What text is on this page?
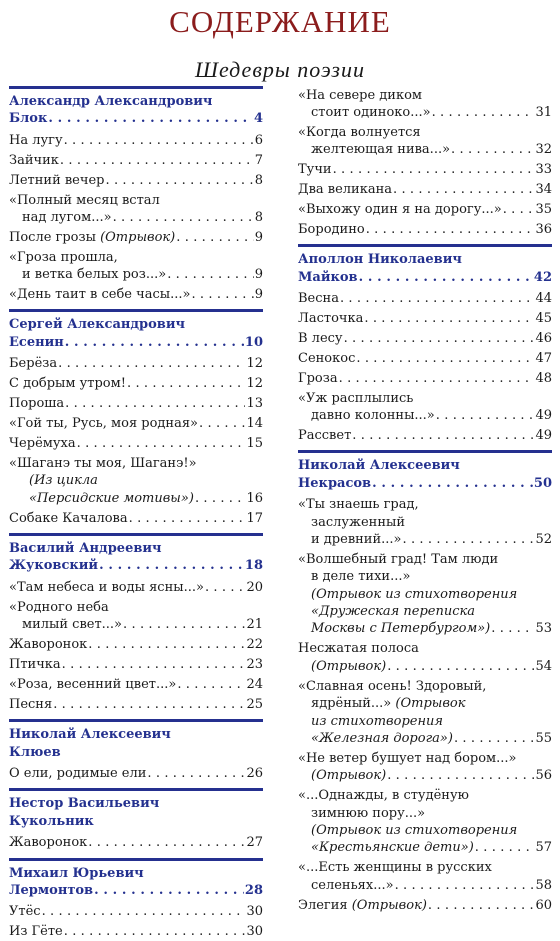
СОДЕРЖАНИЕ
Шедевры поэзии
Александр Александрович
Блок . . .	4
На лугу . . .	6
Зайчик . . .	7
Летний вечер . . .	8
«Полный месяц встал
над лугом...» . . .	8
После грозы (Отрывок) . . .	9
«Гроза прошла,
и ветка белых роз...» . . .	9
«День таит в себе часы...» . . .	9
Сергей Александрович
Есенин . . .	10
Берёза . . .	12
С добрым утром! . . .	12
Пороша . . .	13
«Гой ты, Русь, моя родная» . . .	14
Черёмуха . . .	15
«Шаганэ ты моя, Шаганэ!»
(Из цикла
«Персидские мотивы») . . .	16
Собаке Качалова . . .	17
Василий Андреевич
Жуковский . . .	18
«Там небеса и воды ясны...» . . .	20
«Родного неба
милый свет...» . . .	21
Жаворонок . . .	22
Птичка . . .	23
«Роза, весенний цвет...» . . .	24
Песня . . .	25
Николай Алексеевич
Клюев
О ели, родимые ели . . .	26
Нестор Васильевич
Кукольник
Жаворонок . . .	27
Михаил Юрьевич
Лермонтов . . .	28
Утёс . . .	30
Из Гёте . . .	30
«На севере диком
стоит одиноко...» . . .	31
«Когда волнуется
желтеющая нива...» . . .	32
Тучи . . .	33
Два великана . . .	34
«Выхожу один я на дорогу...» . . .	35
Бородино . . .	36
Аполлон Николаевич
Майков . . .	42
Весна . . .	44
Ласточка . . .	45
В лесу . . .	46
Сенокос . . .	47
Гроза . . .	48
«Уж расплылись
давно колонны...» . . .	49
Рассвет . . .	49
Николай Алексеевич
Некрасов . . .	50
«Ты знаешь град,
заслуженный
и древний...» . . .	52
«Волшебный град! Там люди
в деле тихи...»
(Отрывок из стихотворения
«Дружеская переписка
Москвы с Петербургом») . . .	53
Несжатая полоса
(Отрывок) . . .	54
«Славная осень! Здоровый,
ядрёный...» (Отрывок
из стихотворения
«Железная дорога») . . .	55
«Не ветер бушует над бором...»
(Отрывок) . . .	56
«...Однажды, в студёную
зимнюю пору...»
(Отрывок из стихотворения
«Крестьянские дети») . . .	57
«...Есть женщины в русских
селеньях...» . . .	58
Элегия (Отрывок) . . .	60
